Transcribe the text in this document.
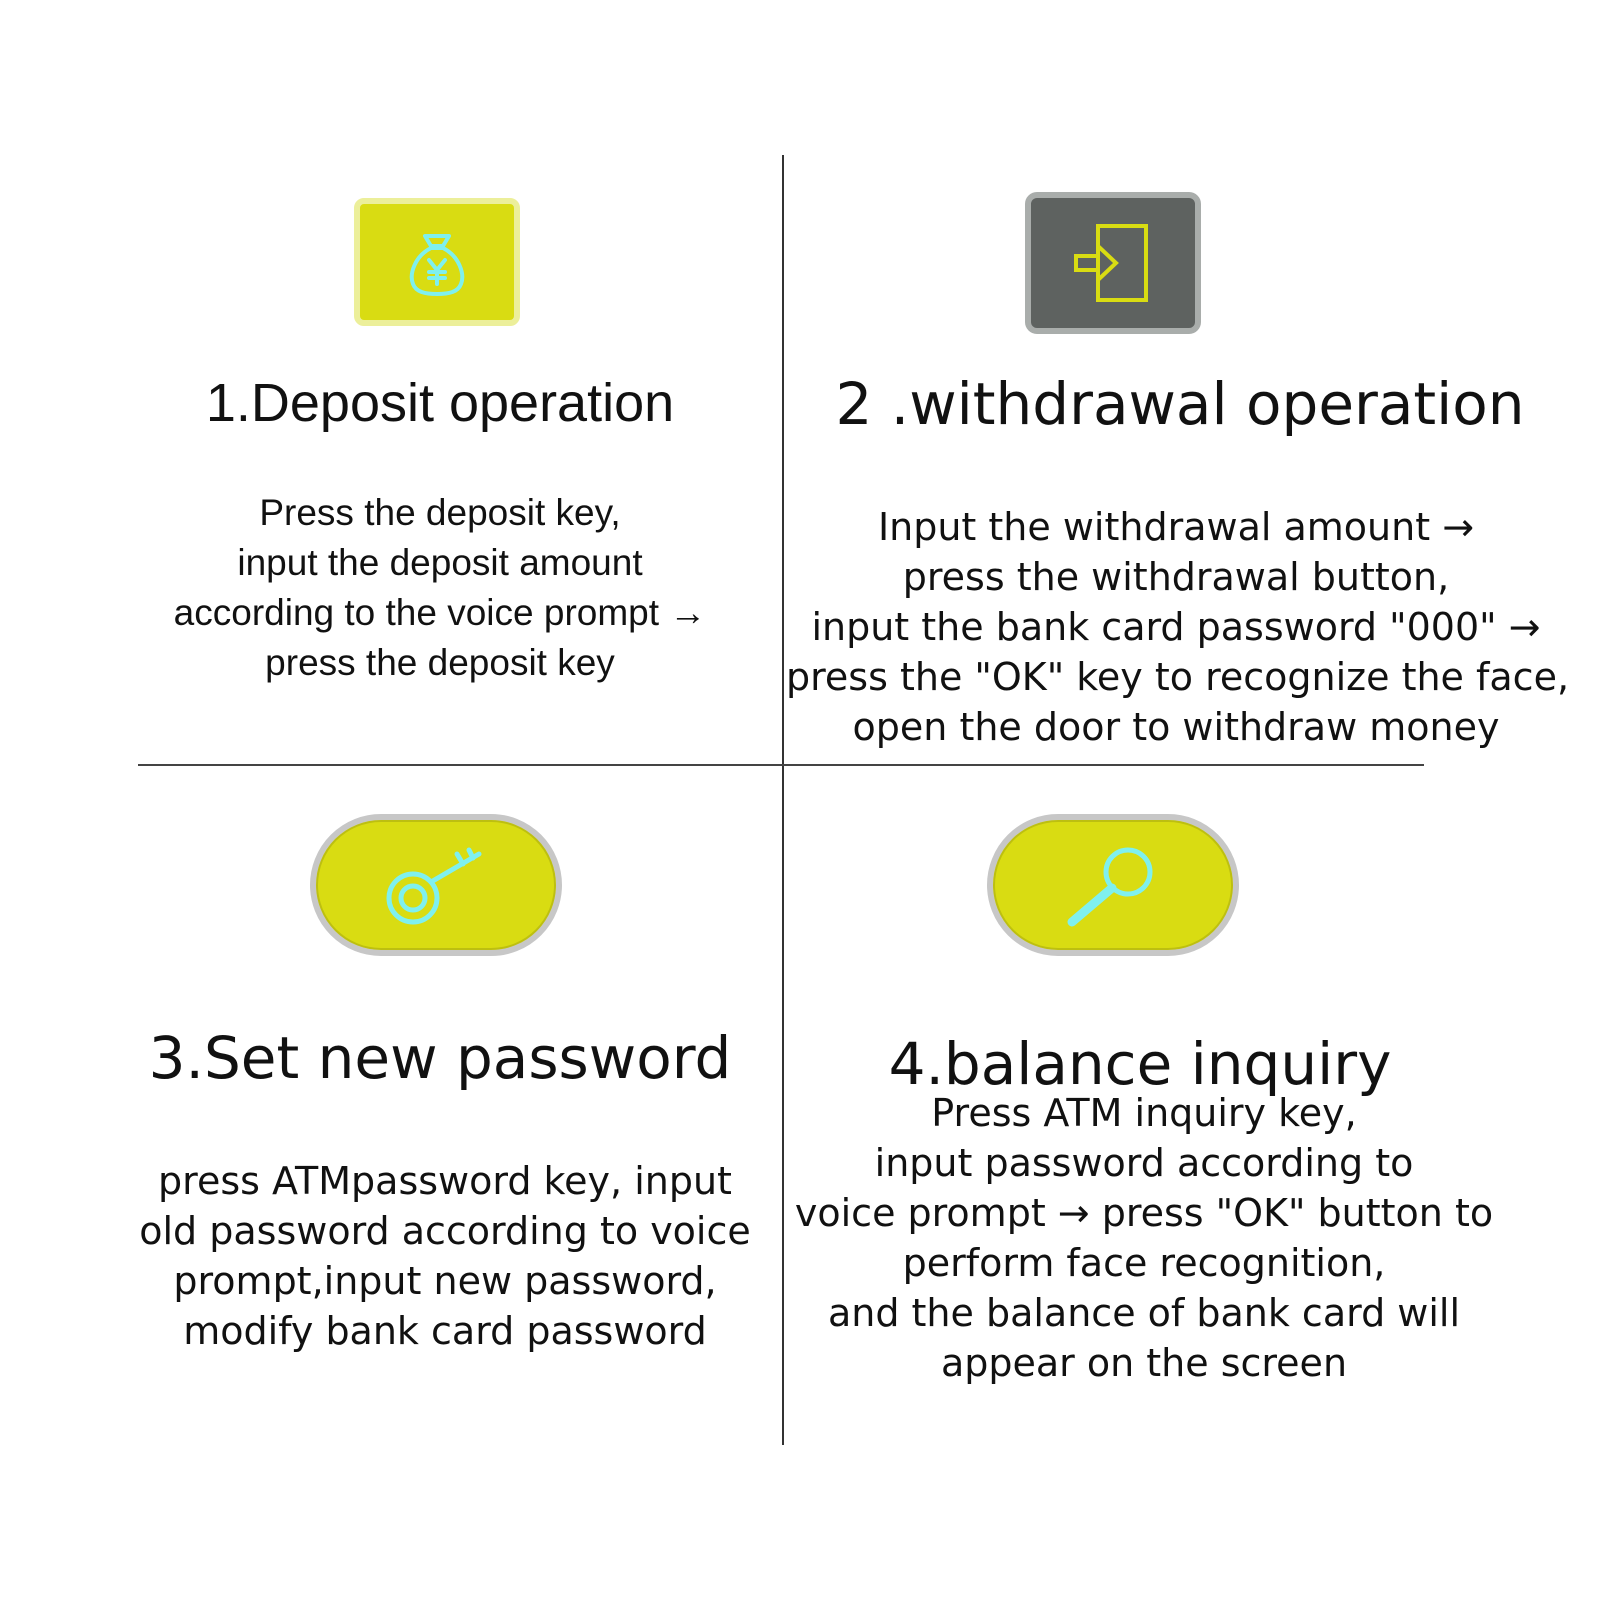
1.Deposit operation

Press the deposit key,
input the deposit amount
according to the voice prompt →
press the deposit key

2 .withdrawal operation

Input the withdrawal amount →
press the withdrawal button,
input the bank card password "000" →
press the "OK" key to recognize the face,
open the door to withdraw money

3.Set new password

press ATMpassword key, input
old password according to voice
prompt,input new password,
modify bank card password

4.balance inquiry

Press ATM inquiry key,
input password according to
voice prompt → press "OK" button to
perform face recognition,
and the balance of bank card will
appear on the screen
